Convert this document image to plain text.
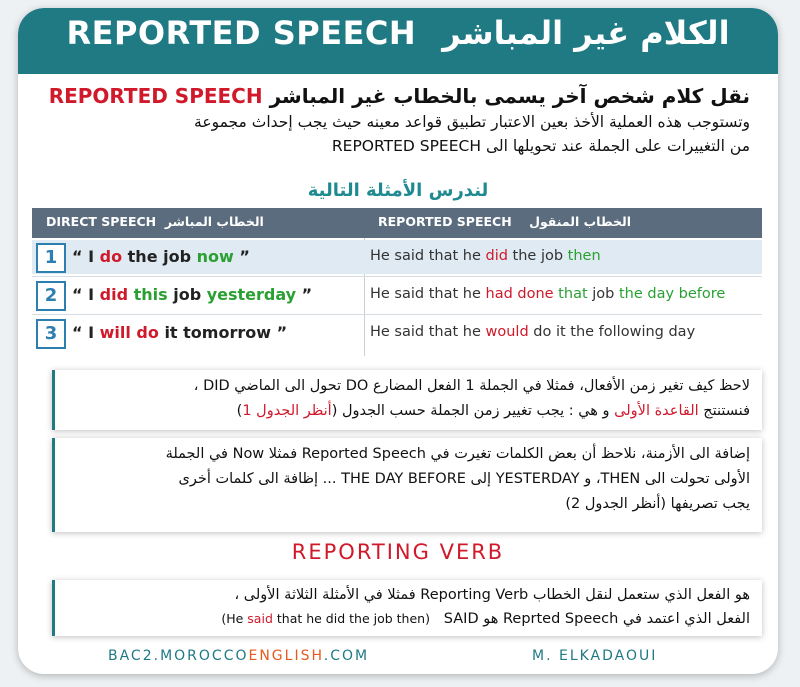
REPORTED SPEECH الكلام غير المباشر
نقل كلام شخص آخر يسمى بالخطاب غير المباشر REPORTED SPEECH
وتستوجب هذه العملية الأخذ بعين الاعتبار تطبيق قواعد معينه حيث يجب إحداث مجموعة
من التغييرات على الجملة عند تحويلها الى REPORTED SPEECH
لندرس الأمثلة التالية
DIRECT SPEECH الخطاب المباشر	REPORTED SPEECH الخطاب المنقول
1 “ I do the job now ”	He said that he did the job then
2 “ I did this job yesterday ”	He said that he had done that job the day before
3 “ I will do it tomorrow ”	He said that he would do it the following day
لاحظ كيف تغير زمن الأفعال، فمثلا في الجملة 1 الفعل المضارع DO تحول الى الماضي DID ،
فنستنتج القاعدة الأولى و هي : يجب تغيير زمن الجملة حسب الجدول (أنظر الجدول 1)
إضافة الى الأزمنة، نلاحظ أن بعض الكلمات تغيرت في Reported Speech فمثلا Now في الجملة
الأولى تحولت الى THEN، و YESTERDAY إلى THE DAY BEFORE ... إظافة الى كلمات أخرى
يجب تصريفها (أنظر الجدول 2)
REPORTING VERB
هو الفعل الذي ستعمل لنقل الخطاب Reporting Verb فمثلا في الأمثلة الثلاثة الأولى ،
الفعل الذي اعتمد في Reprted Speech هو SAID   (He said that he did the job then)
BAC2.MOROCCOENGLISH.COM	M. ELKADAOUI
